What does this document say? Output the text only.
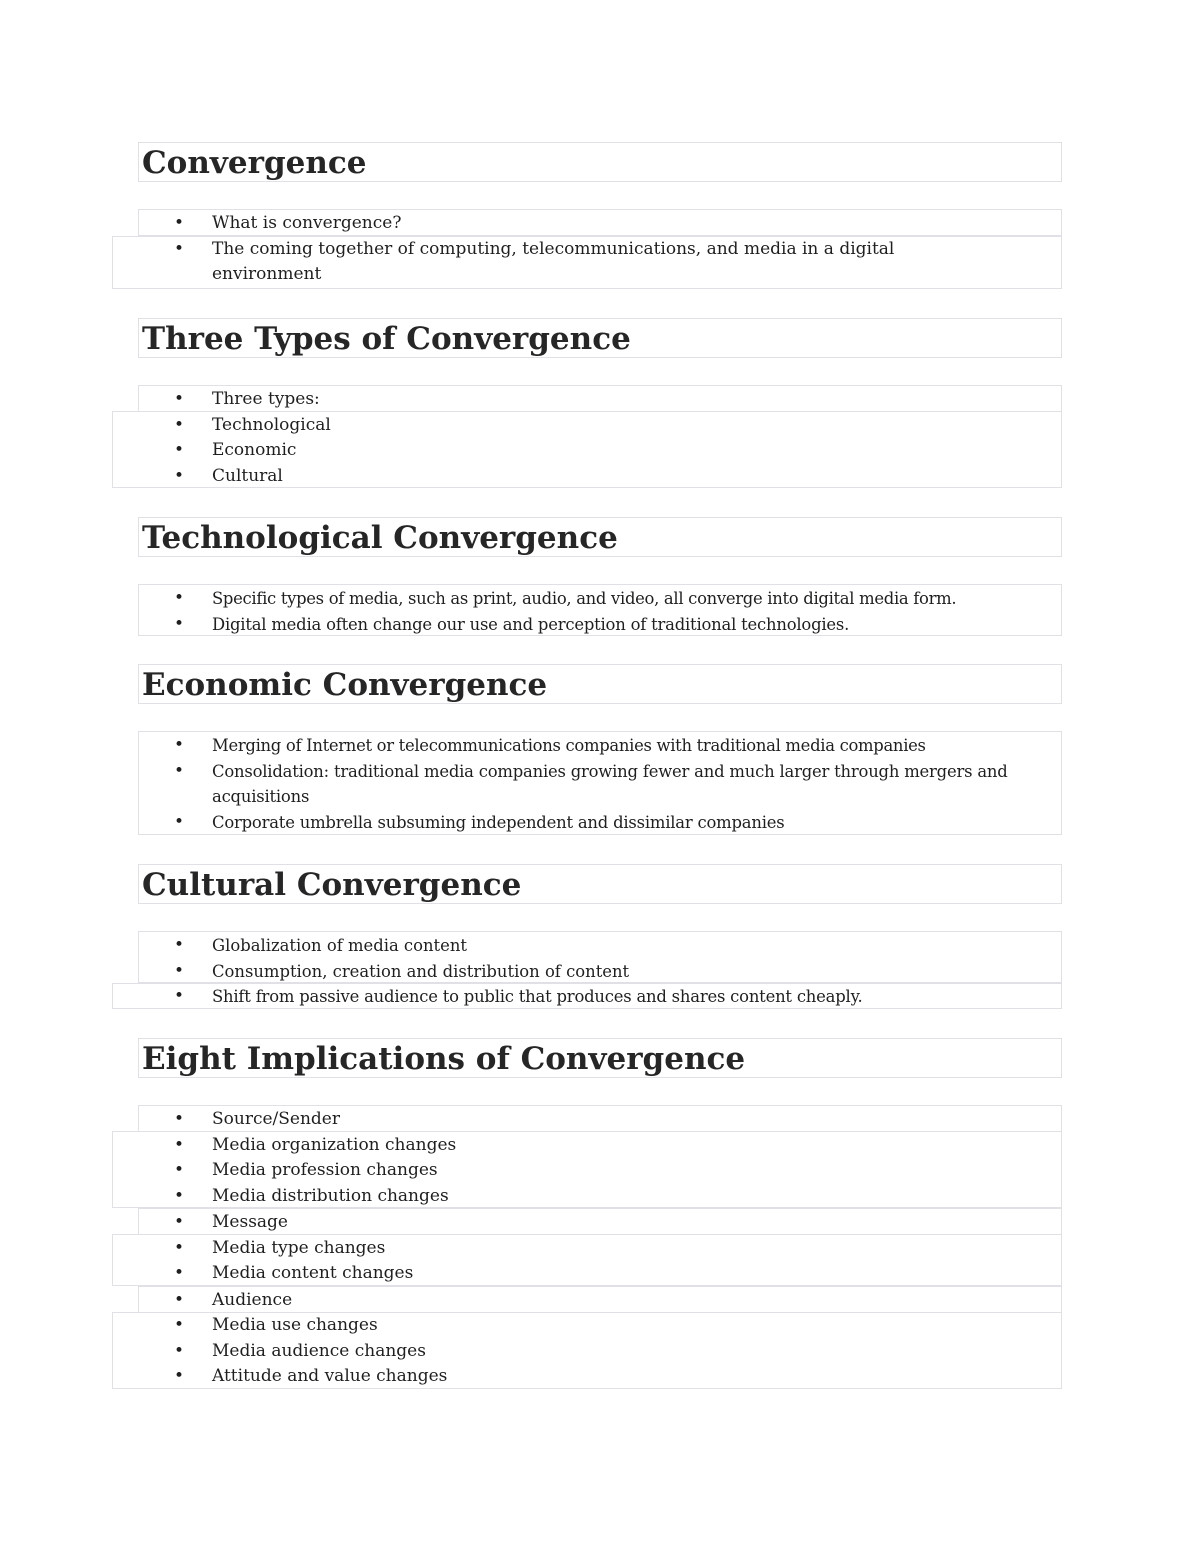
Convergence
• What is convergence?
• The coming together of computing, telecommunications, and media in a digital environment
Three Types of Convergence
• Three types:
• Technological
• Economic
• Cultural
Technological Convergence
• Specific types of media, such as print, audio, and video, all converge into digital media form.
• Digital media often change our use and perception of traditional technologies.
Economic Convergence
• Merging of Internet or telecommunications companies with traditional media companies
• Consolidation: traditional media companies growing fewer and much larger through mergers and acquisitions
• Corporate umbrella subsuming independent and dissimilar companies
Cultural Convergence
• Globalization of media content
• Consumption, creation and distribution of content
• Shift from passive audience to public that produces and shares content cheaply.
Eight Implications of Convergence
• Source/Sender
• Media organization changes
• Media profession changes
• Media distribution changes
• Message
• Media type changes
• Media content changes
• Audience
• Media use changes
• Media audience changes
• Attitude and value changes
